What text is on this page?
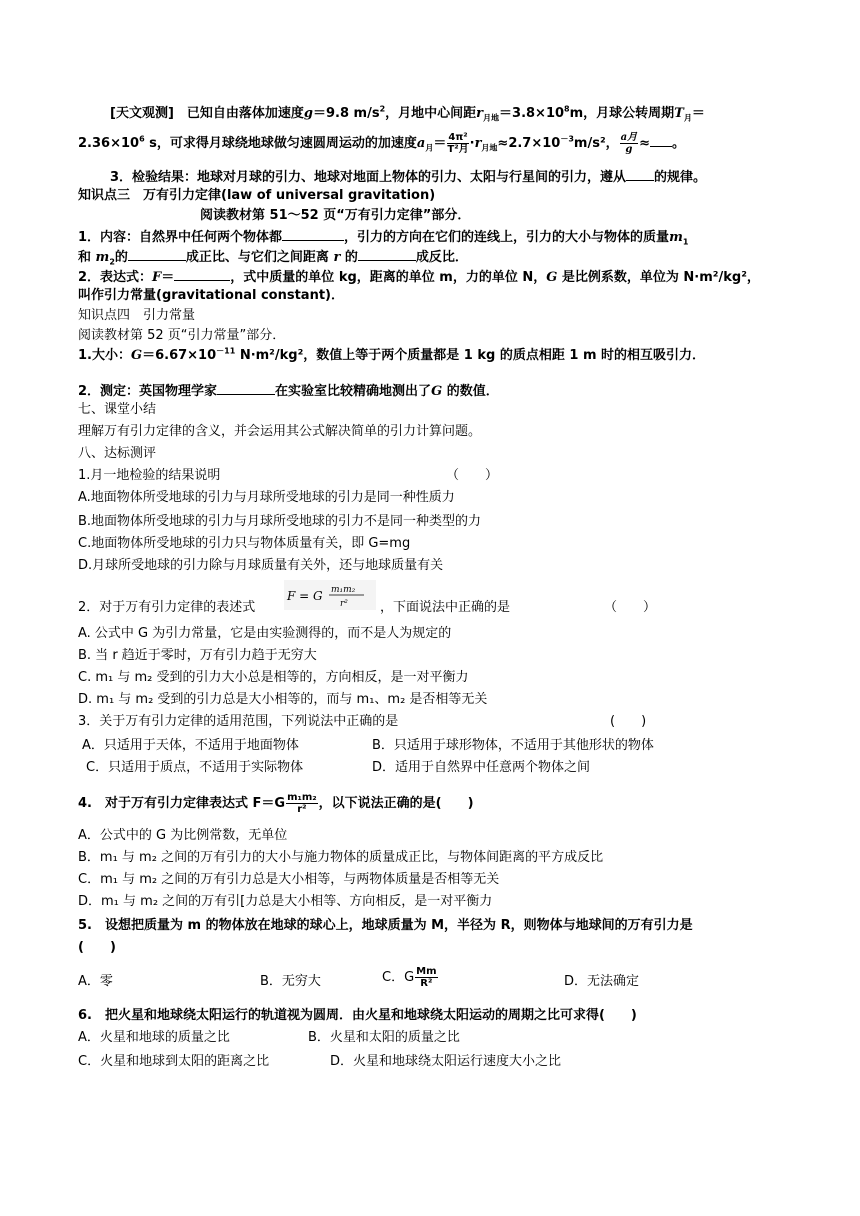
[天文观测]　已知自由落体加速度g＝9.8 $m/s^2$，月地中心间距$r_{月地}=3.8\times 10^8m$，月球公转周期$T_月=$
$2.36\times 10^6$ s，可求得月球绕地球做匀速圆周运动的加速度$a_月= \frac{\text{4π²}}{\text{T²月}} \cdot r_{月地}\approx 2.7\times 10^{-3}m/s^2$， $\frac{\text{a月}}{g}$ ≈ 。
3．检验结果：地球对月球的引力、地球对地面上物体的引力、太阳与行星间的引力，遵从 的规律。
知识点三　万有引力定律(law of universal gravitation)
阅读教材第 51～52 页“万有引力定律”部分．
1．内容：自然界中任何两个物体都	，引力的方向在它们的连线上，引力的大小与物体的质量$m_1$
和 $m_2$的	成正比、与它们之间距离 r 的	成反比．
2．表达式：F＝	，式中质量的单位 kg，距离的单位 m，力的单位 N，G 是比例系数，单位为 N·m²/kg²，
叫作引力常量(gravitational constant)．
知识点四　引力常量
阅读教材第 52 页“引力常量”部分．
1.大小：$G=6.67\times 10^{-11}$ N·m²/kg²，数值上等于两个质量都是 1 kg 的质点相距 1 m 时的相互吸引力．
2．测定：英国物理学家	在实验室比较精确地测出了G 的数值．
七、课堂小结
理解万有引力定律的含义，并会运用其公式解决简单的引力计算问题。
八、达标测评
1.月一地检验的结果说明	（　　）
A.地面物体所受地球的引力与月球所受地球的引力是同一种性质力
B.地面物体所受地球的引力与月球所受地球的引力不是同一种类型的力
C.地面物体所受地球的引力只与物体质量有关，即 G=mg
D.月球所受地球的引力除与月球质量有关外，还与地球质量有关
2．对于万有引力定律的表述式
F = G m₁m₂
r² ，下面说法中正确的是	（　　）
A. 公式中 G 为引力常量，它是由实验测得的，而不是人为规定的
B. 当 r 趋近于零时，万有引力趋于无穷大
C. m₁ 与 m₂ 受到的引力大小总是相等的，方向相反，是一对平衡力
D. m₁ 与 m₂ 受到的引力总是大小相等的，而与 m₁、m₂ 是否相等无关
3．关于万有引力定律的适用范围，下列说法中正确的是	(　　)
A．只适用于天体，不适用于地面物体	B．只适用于球形物体，不适用于其他形状的物体
C．只适用于质点，不适用于实际物体	D．适用于自然界中任意两个物体之间
4.　对于万有引力定律表达式 $F=G \frac{\text{m₁m₂}}{\text{r²}}$ ，以下说法正确的是(　　)
A．公式中的 G 为比例常数，无单位
B．m₁ 与 m₂ 之间的万有引力的大小与施力物体的质量成正比，与物体间距离的平方成反比
C．m₁ 与 m₂ 之间的万有引力总是大小相等，与两物体质量是否相等无关
D．m₁ 与 m₂ 之间的万有引[力总是大小相等、方向相反，是一对平衡力
5.　设想把质量为 m 的物体放在地球的球心上，地球质量为 M，半径为 R，则物体与地球间的万有引力是
(　　)
A．零	B．无穷大	C．G $\frac{Mm}{\text{R²}}$	D．无法确定
6.　把火星和地球绕太阳运行的轨道视为圆周．由火星和地球绕太阳运动的周期之比可求得(　　)
A．火星和地球的质量之比	B．火星和太阳的质量之比
C．火星和地球到太阳的距离之比	D．火星和地球绕太阳运行速度大小之比
